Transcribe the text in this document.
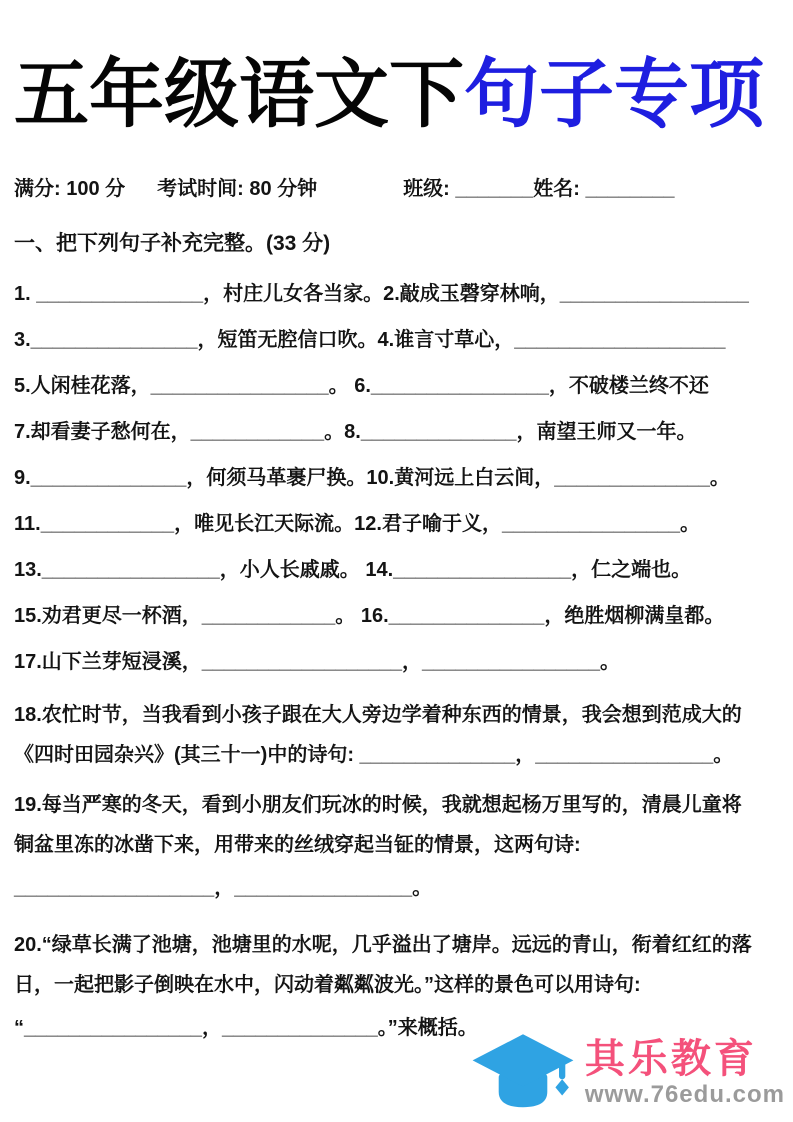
五年级语文下句子专项
满分: 100 分 考试时间: 80 分钟	班级: _______姓名: ________
一、把下列句子补充完整。(33 分)
1. _______________，村庄儿女各当家。2.敲成玉磬穿林响，_________________
3._______________，短笛无腔信口吹。4.谁言寸草心，___________________
5.人闲桂花落，________________。 6.________________，不破楼兰终不还
7.却看妻子愁何在，____________。8.______________，南望王师又一年。
9.______________，何须马革裹尸换。10.黄河远上白云间，______________。
11.____________，唯见长江天际流。12.君子喻于义，________________。
13.________________，小人长戚戚。 14.________________，仁之端也。
15.劝君更尽一杯酒，____________。 16.______________，绝胜烟柳满皇都。
17.山下兰芽短浸溪，__________________，________________。
18.农忙时节，当我看到小孩子跟在大人旁边学着种东西的情景，我会想到范成大的《四时田园杂兴》(其三十一)中的诗句: ______________，________________。
19.每当严寒的冬天，看到小朋友们玩冰的时候，我就想起杨万里写的，清晨儿童将铜盆里冻的冰凿下来，用带来的丝绒穿起当钲的情景，这两句诗:
__________________，________________。
20.“绿草长满了池塘，池塘里的水呢，几乎溢出了塘岸。远远的青山，衔着红红的落日，一起把影子倒映在水中，闪动着粼粼波光。”这样的景色可以用诗句:
“________________，______________。”来概括。
其乐教育
www.76edu.com
